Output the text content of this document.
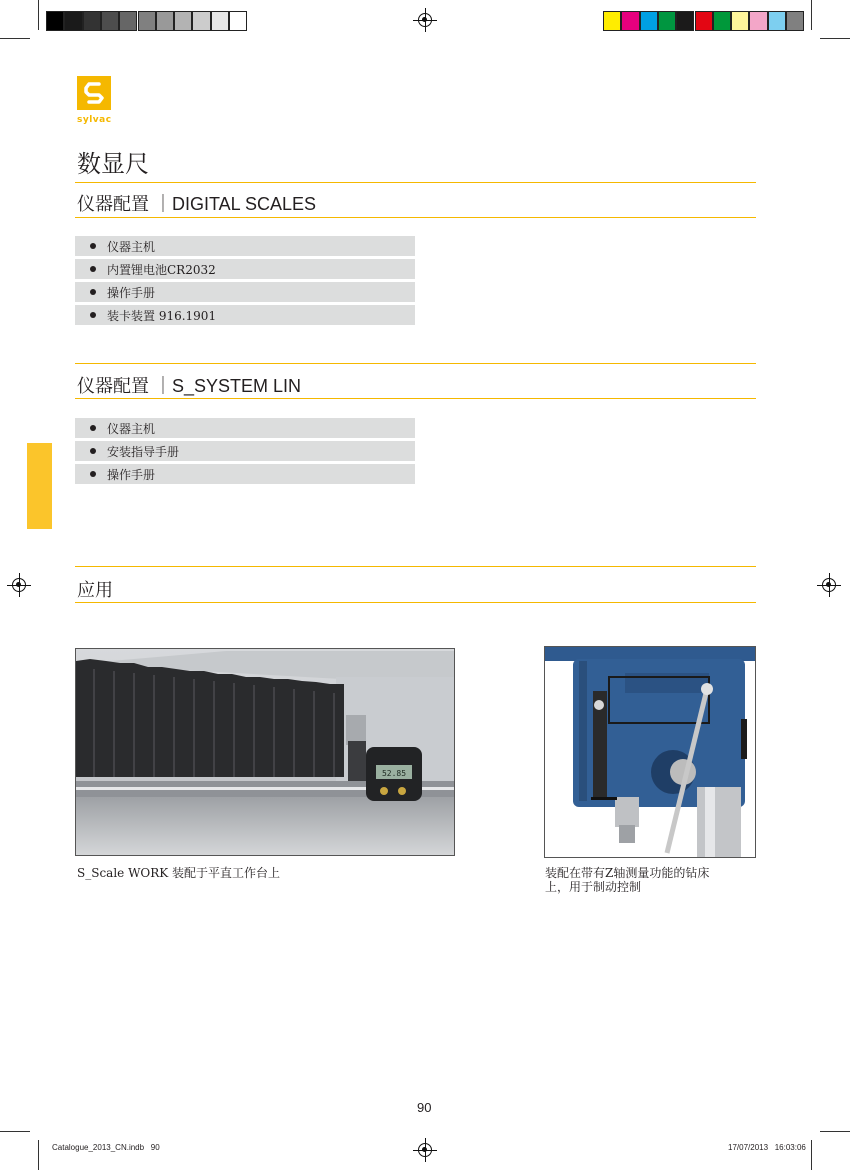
sylvac
数显尺
仪器配置 ｜DIGITAL SCALES
仪器主机
内置锂电池CR2032
操作手册
装卡装置 916.1901
仪器配置 ｜S_SYSTEM LIN
仪器主机
安装指导手册
操作手册
应用
52.85
S_Scale WORK 装配于平直工作台上	装配在带有Z轴测量功能的钻床
上，用于制动控制
90
Catalogue_2013_CN.indb   90	17/07/2013   16:03:06
